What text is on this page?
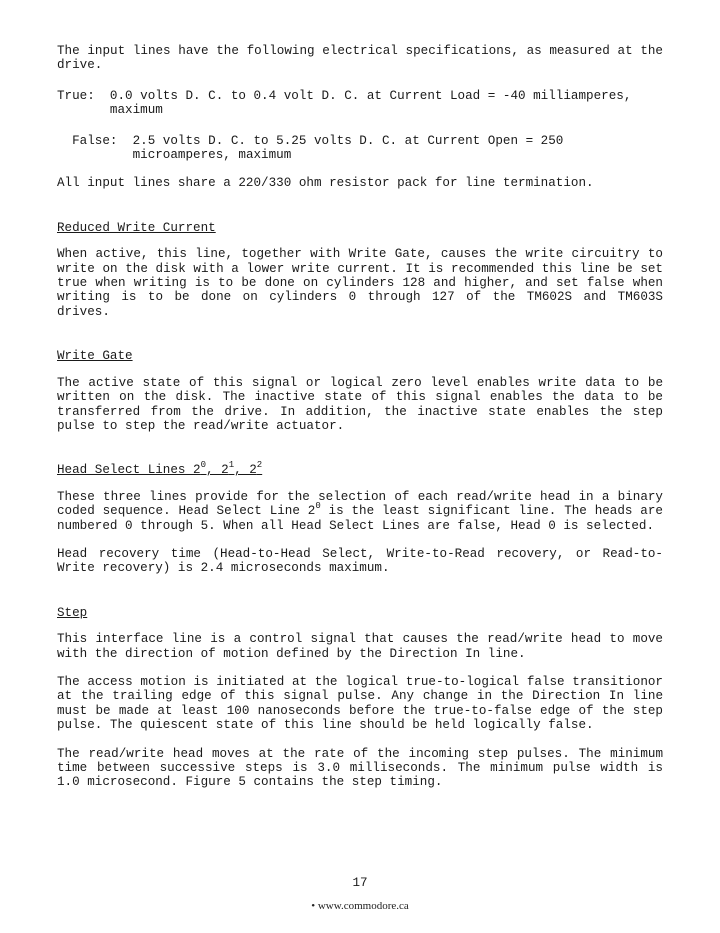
The input lines have the following electrical specifications, as measured at the drive.

True: 0.0 volts D. C. to 0.4 volt D. C. at Current Load = -40 milliamperes, maximum
False: 2.5 volts D. C. to 5.25 volts D. C. at Current Open = 250 microamperes, maximum

All input lines share a 220/330 ohm resistor pack for line termination.

Reduced Write Current

When active, this line, together with Write Gate, causes the write circuitry to write on the disk with a lower write current. It is recommended this line be set true when writing is to be done on cylinders 128 and higher, and set false when writing is to be done on cylinders 0 through 127 of the TM602S and TM603S drives.

Write Gate

The active state of this signal or logical zero level enables write data to be written on the disk. The inactive state of this signal enables the data to be transferred from the drive. In addition, the inactive state enables the step pulse to step the read/write actuator.

Head Select Lines $2^0$, $2^1$, $2^2$

These three lines provide for the selection of each read/write head in a binary coded sequence. Head Select Line $2^0$ is the least significant line. The heads are numbered 0 through 5. When all Head Select Lines are false, Head 0 is selected.

Head recovery time (Head-to-Head Select, Write-to-Read recovery, or Read-to-Write recovery) is 2.4 microseconds maximum.

Step

This interface line is a control signal that causes the read/write head to move with the direction of motion defined by the Direction In line.

The access motion is initiated at the logical true-to-logical false transitionor at the trailing edge of this signal pulse. Any change in the Direction In line must be made at least 100 nanoseconds before the true-to-false edge of the step pulse. The quiescent state of this line should be held logically false.

The read/write head moves at the rate of the incoming step pulses. The minimum time between successive steps is 3.0 milliseconds. The minimum pulse width is 1.0 microsecond. Figure 5 contains the step timing.

17
• www.commodore.ca
